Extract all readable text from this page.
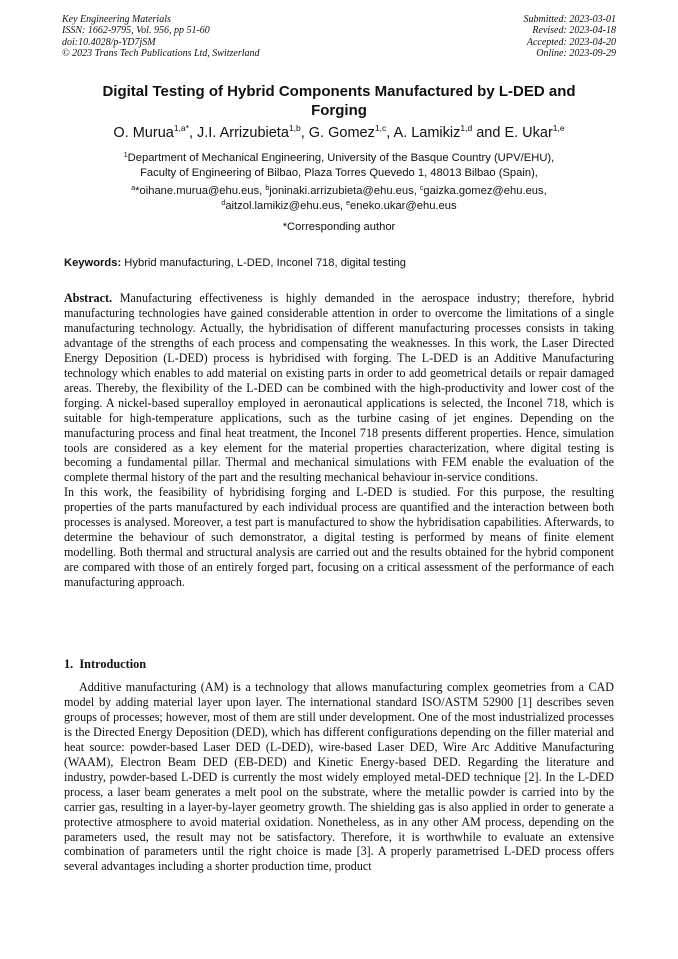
Key Engineering Materials
ISSN: 1662-9795, Vol. 956, pp 51-60
doi:10.4028/p-YD7jSM
© 2023 Trans Tech Publications Ltd, Switzerland
Submitted: 2023-03-01
Revised: 2023-04-18
Accepted: 2023-04-20
Online: 2023-09-29
Digital Testing of Hybrid Components Manufactured by L-DED and Forging
O. Murua$^{1,a*}$, J.I. Arrizubieta$^{1,b}$, G. Gomez$^{1,c}$, A. Lamikiz$^{1,d}$ and E. Ukar$^{1,e}$
$^1$Department of Mechanical Engineering, University of the Basque Country (UPV/EHU),
Faculty of Engineering of Bilbao, Plaza Torres Quevedo 1, 48013 Bilbao (Spain),
$^a$*oihane.murua@ehu.eus, $^b$joninaki.arrizubieta@ehu.eus, $^c$gaizka.gomez@ehu.eus,
$^d$aitzol.lamikiz@ehu.eus, $^e$eneko.ukar@ehu.eus
*Corresponding author
Keywords: Hybrid manufacturing, L-DED, Inconel 718, digital testing

Abstract. Manufacturing effectiveness is highly demanded in the aerospace industry; therefore, hybrid manufacturing technologies have gained considerable attention in order to overcome the limitations of a single manufacturing technology. Actually, the hybridisation of different manufacturing processes consists in taking advantage of the strengths of each process and compensating the weaknesses. In this work, the Laser Directed Energy Deposition (L-DED) process is hybridised with forging. The L-DED is an Additive Manufacturing technology which enables to add material on existing parts in order to add geometrical details or repair damaged areas. Thereby, the flexibility of the L-DED can be combined with the high-productivity and lower cost of the forging. A nickel-based superalloy employed in aeronautical applications is selected, the Inconel 718, which is suitable for high-temperature applications, such as the turbine casing of jet engines. Depending on the manufacturing process and final heat treatment, the Inconel 718 presents different properties. Hence, simulation tools are considered as a key element for the material properties characterization, where digital testing is becoming a fundamental pillar. Thermal and mechanical simulations with FEM enable the evaluation of the complete thermal history of the part and the resulting mechanical behaviour in-service conditions.

In this work, the feasibility of hybridising forging and L-DED is studied. For this purpose, the resulting properties of the parts manufactured by each individual process are quantified and the interaction between both processes is analysed. Moreover, a test part is manufactured to show the hybridisation capabilities. Afterwards, to determine the behaviour of such demonstrator, a digital testing is performed by means of finite element modelling. Both thermal and structural analysis are carried out and the results obtained for the hybrid component are compared with those of an entirely forged part, focusing on a critical assessment of the performance of each manufacturing approach.

1.  Introduction

Additive manufacturing (AM) is a technology that allows manufacturing complex geometries from a CAD model by adding material layer upon layer. The international standard ISO/ASTM 52900 [1] describes seven groups of processes; however, most of them are still under development. One of the most industrialized processes is the Directed Energy Deposition (DED), which has different configurations depending on the filler material and heat source: powder-based Laser DED (L-DED), wire-based Laser DED, Wire Arc Additive Manufacturing (WAAM), Electron Beam DED (EB-DED) and Kinetic Energy-based DED. Regarding the literature and industry, powder-based L-DED is currently the most widely employed metal-DED technique [2]. In the L-DED process, a laser beam generates a melt pool on the substrate, where the metallic powder is carried into by the carrier gas, resulting in a layer-by-layer geometry growth. The shielding gas is also applied in order to generate a protective atmosphere to avoid material oxidation. Nonetheless, as in any other AM process, depending on the parameters used, the result may not be satisfactory. Therefore, it is worthwhile to evaluate an extensive combination of parameters until the right choice is made [3]. A properly parametrised L-DED process offers several advantages including a shorter production time, product
